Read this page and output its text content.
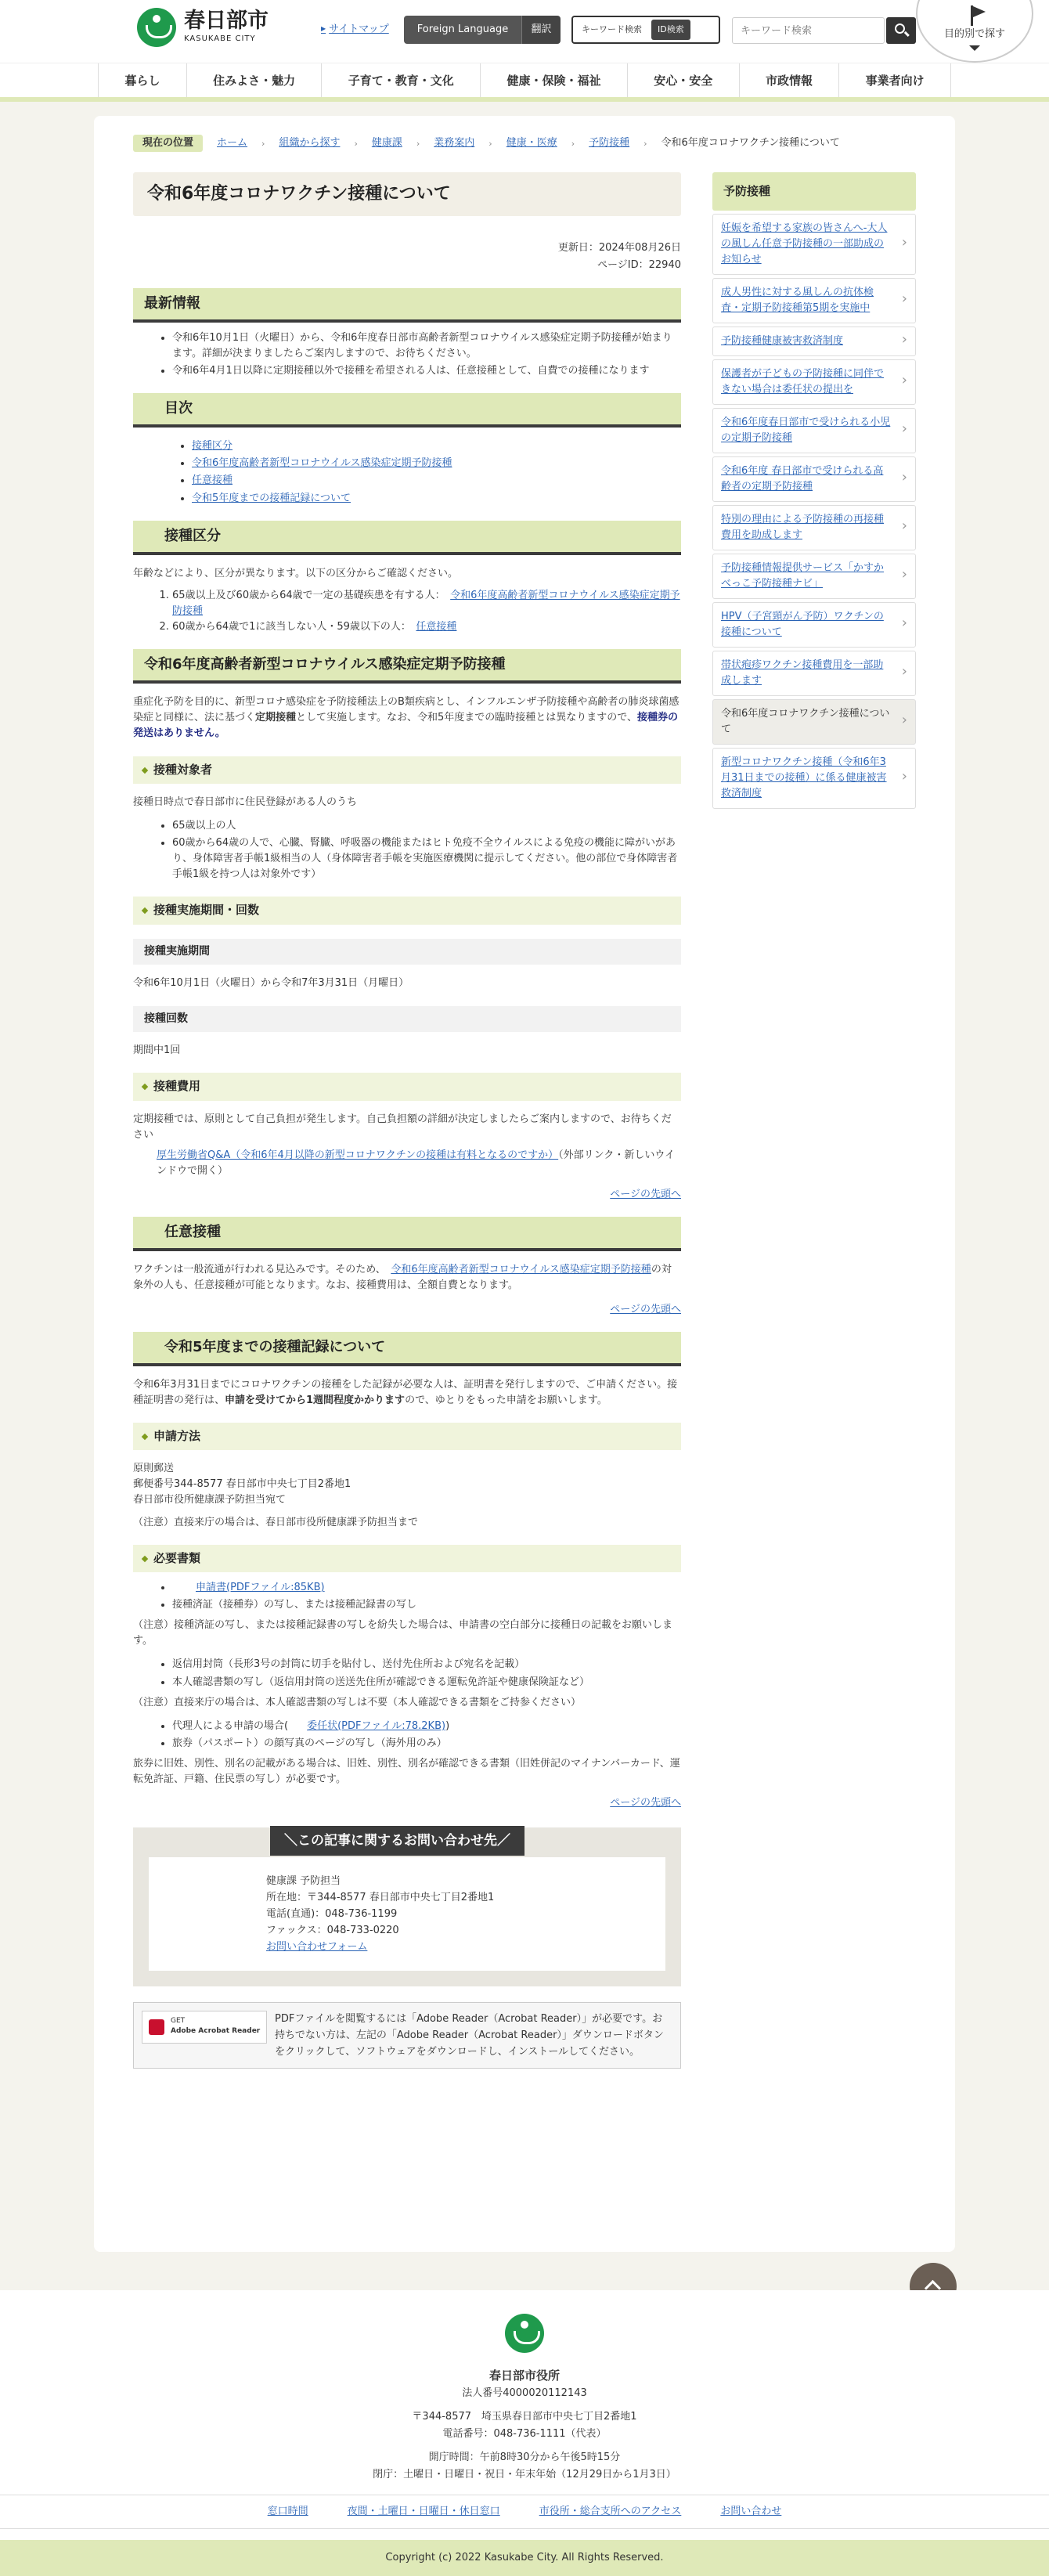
春日部市
KASUKABE CITY
▶ サイトマップ	Foreign Language	翻訳	キーワード検索	ID検索
キーワード検索	目的別で探す
暮らし	住みよさ・魅力	子育て・教育・文化	健康・保険・福祉	安心・安全	市政情報	事業者向け
現在の位置	ホーム › 組織から探す › 健康課 › 業務案内 › 健康・医療 › 予防接種 › 令和6年度コロナワクチン接種について
令和6年度コロナワクチン接種について
更新日：2024年08月26日
ページID：22940
最新情報
• 令和6年10月1日（火曜日）から、令和6年度春日部市高齢者新型コロナウイルス感染症定期予防接種が始まります。詳細が決まりましたらご案内しますので、お待ちください。
• 令和6年4月1日以降に定期接種以外で接種を希望される人は、任意接種として、自費での接種になります
目次
• 接種区分
• 令和6年度高齢者新型コロナウイルス感染症定期予防接種
• 任意接種
• 令和5年度までの接種記録について
接種区分

年齢などにより、区分が異なります。以下の区分からご確認ください。

1. 65歳以上及び60歳から64歳で一定の基礎疾患を有する人：　 令和6年度高齢者新型コロナウイルス感染症定期予防接種
2. 60歳から64歳で1に該当しない人・59歳以下の人：　 任意接種
令和6年度高齢者新型コロナウイルス感染症定期予防接種

重症化予防を目的に、新型コロナ感染症を予防接種法上のB類疾病とし、インフルエンザ予防接種や高齢者の肺炎球菌感染症と同様に、法に基づく定期接種として実施します。なお、令和5年度までの臨時接種とは異なりますので、接種券の発送はありません。

接種対象者

接種日時点で春日部市に住民登録がある人のうち

• 65歳以上の人
• 60歳から64歳の人で、心臓、腎臓、呼吸器の機能またはヒト免疫不全ウイルスによる免疫の機能に障がいがあり、身体障害者手帳1級相当の人（身体障害者手帳を実施医療機関に提示してください。他の部位で身体障害者手帳1級を持つ人は対象外です）
接種実施期間・回数
接種実施期間

令和6年10月1日（火曜日）から令和7年3月31日（月曜日）

接種回数

期間中1回

接種費用

定期接種では、原則として自己負担が発生します。自己負担額の詳細が決定しましたらご案内しますので、お待ちください

厚生労働省Q&A（令和6年4月以降の新型コロナワクチンの接種は有料となるのですか）（外部リンク・新しいウインドウで開く）

ページの先頭へ
任意接種

ワクチンは一般流通が行われる見込みです。そのため、　 令和6年度高齢者新型コロナウイルス感染症定期予防接種の対象外の人も、任意接種が可能となります。なお、接種費用は、全額自費となります。

ページの先頭へ
令和5年度までの接種記録について

令和6年3月31日までにコロナワクチンの接種をした記録が必要な人は、証明書を発行しますので、ご申請ください。接種証明書の発行は、申請を受けてから1週間程度かかりますので、ゆとりをもった申請をお願いします。

申請方法

原則郵送
郵便番号344-8577 春日部市中央七丁目2番地1
春日部市役所健康課予防担当宛て

（注意）直接来庁の場合は、春日部市役所健康課予防担当まで

必要書類
• 申請書(PDFファイル:85KB)
• 接種済証（接種券）の写し、または接種記録書の写し

（注意）接種済証の写し、または接種記録書の写しを紛失した場合は、申請書の空白部分に接種日の記載をお願いします。

• 返信用封筒（長形3号の封筒に切手を貼付し、送付先住所および宛名を記載）
• 本人確認書類の写し（返信用封筒の送送先住所が確認できる運転免許証や健康保険証など）

（注意）直接来庁の場合は、本人確認書類の写しは不要（本人確認できる書類をご持参ください）

• 代理人による申請の場合( 委任状(PDFファイル:78.2KB))
• 旅券（パスポート）の顔写真のページの写し（海外用のみ）

旅券に旧姓、別性、別名の記載がある場合は、旧姓、別性、別名が確認できる書類（旧姓併記のマイナンバーカード、運転免許証、戸籍、住民票の写し）が必要です。

ページの先頭へ
＼この記事に関するお問い合わせ先／
健康課 予防担当
所在地：〒344-8577 春日部市中央七丁目2番地1
電話(直通)：048-736-1199
ファックス：048-733-0220
お問い合わせフォーム
GET
Adobe Acrobat Reader
PDFファイルを閲覧するには「Adobe Reader（Acrobat Reader）」が必要です。お持ちでない方は、左記の「Adobe Reader（Acrobat Reader）」ダウンロードボタンをクリックして、ソフトウェアをダウンロードし、インストールしてください。
予防接種
妊娠を希望する家族の皆さんへ-大人の風しん任意予防接種の一部助成のお知らせ ›
成人男性に対する風しんの抗体検査・定期予防接種第5期を実施中 ›
予防接種健康被害救済制度 ›
保護者が子どもの予防接種に同伴できない場合は委任状の提出を ›
令和6年度春日部市で受けられる小児の定期予防接種 ›
令和6年度 春日部市で受けられる高齢者の定期予防接種 ›
特別の理由による予防接種の再接種費用を助成します ›
予防接種情報提供サービス「かすかべっこ予防接種ナビ」 ›
HPV（子宮頸がん予防）ワクチンの接種について ›
帯状疱疹ワクチン接種費用を一部助成します ›
令和6年度コロナワクチン接種について ›
新型コロナワクチン接種（令和6年3月31日までの接種）に係る健康被害救済制度 ›
春日部市役所
法人番号4000020112143
〒344-8577　埼玉県春日部市中央七丁目2番地1
電話番号：048-736-1111（代表）
開庁時間：午前8時30分から午後5時15分
閉庁：土曜日・日曜日・祝日・年末年始（12月29日から1月3日）
窓口時間	夜間・土曜日・日曜日・休日窓口	市役所・総合支所へのアクセス	お問い合わせ
Copyright (c) 2022 Kasukabe City. All Rights Reserved.
